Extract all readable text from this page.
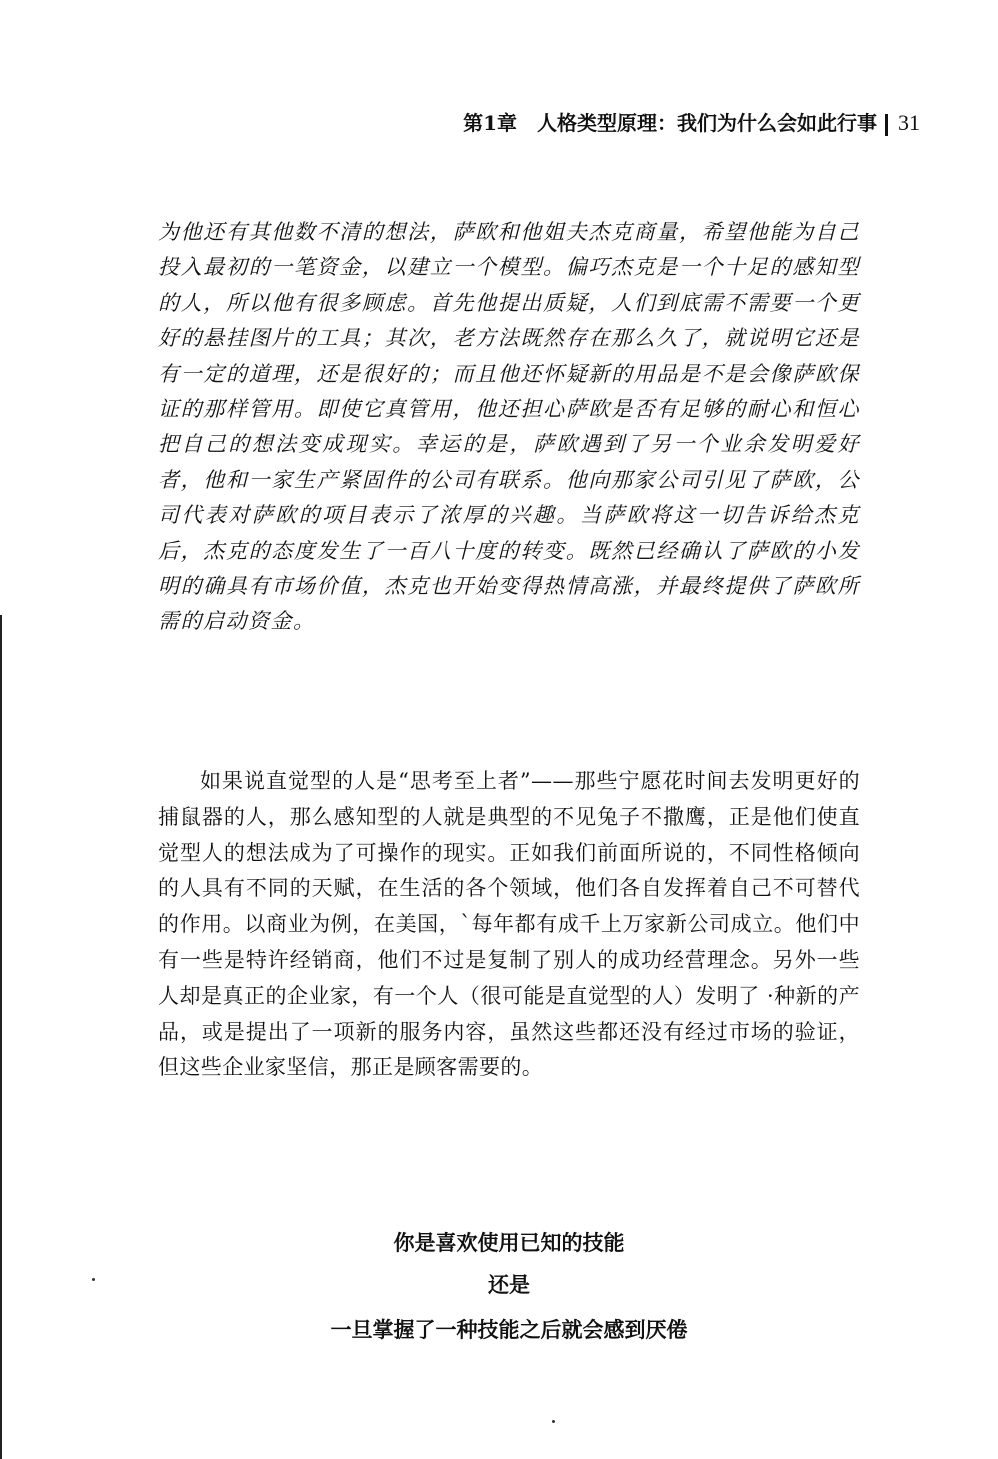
第1章　人格类型原理：我们为什么会如此行事 31

为他还有其他数不清的想法，萨欧和他姐夫杰克商量，希望他能为自己投入最初的一笔资金，以建立一个模型。偏巧杰克是一个十足的感知型的人，所以他有很多顾虑。首先他提出质疑，人们到底需不需要一个更好的悬挂图片的工具；其次，老方法既然存在那么久了，就说明它还是有一定的道理，还是很好的；而且他还怀疑新的用品是不是会像萨欧保证的那样管用。即使它真管用，他还担心萨欧是否有足够的耐心和恒心把自己的想法变成现实。幸运的是，萨欧遇到了另一个业余发明爱好者，他和一家生产紧固件的公司有联系。他向那家公司引见了萨欧，公司代表对萨欧的项目表示了浓厚的兴趣。当萨欧将这一切告诉给杰克后，杰克的态度发生了一百八十度的转变。既然已经确认了萨欧的小发明的确具有市场价值，杰克也开始变得热情高涨，并最终提供了萨欧所需的启动资金。

如果说直觉型的人是“思考至上者”——那些宁愿花时间去发明更好的捕鼠器的人，那么感知型的人就是典型的不见兔子不撒鹰，正是他们使直觉型人的想法成为了可操作的现实。正如我们前面所说的，不同性格倾向的人具有不同的天赋，在生活的各个领域，他们各自发挥着自己不可替代的作用。以商业为例，在美国，`每年都有成千上万家新公司成立。他们中有一些是特许经销商，他们不过是复制了别人的成功经营理念。另外一些人却是真正的企业家，有一个人（很可能是直觉型的人）发明了 ·种新的产品，或是提出了一项新的服务内容，虽然这些都还没有经过市场的验证，但这些企业家坚信，那正是顾客需要的。

你是喜欢使用已知的技能

还是

一旦掌握了一种技能之后就会感到厌倦
